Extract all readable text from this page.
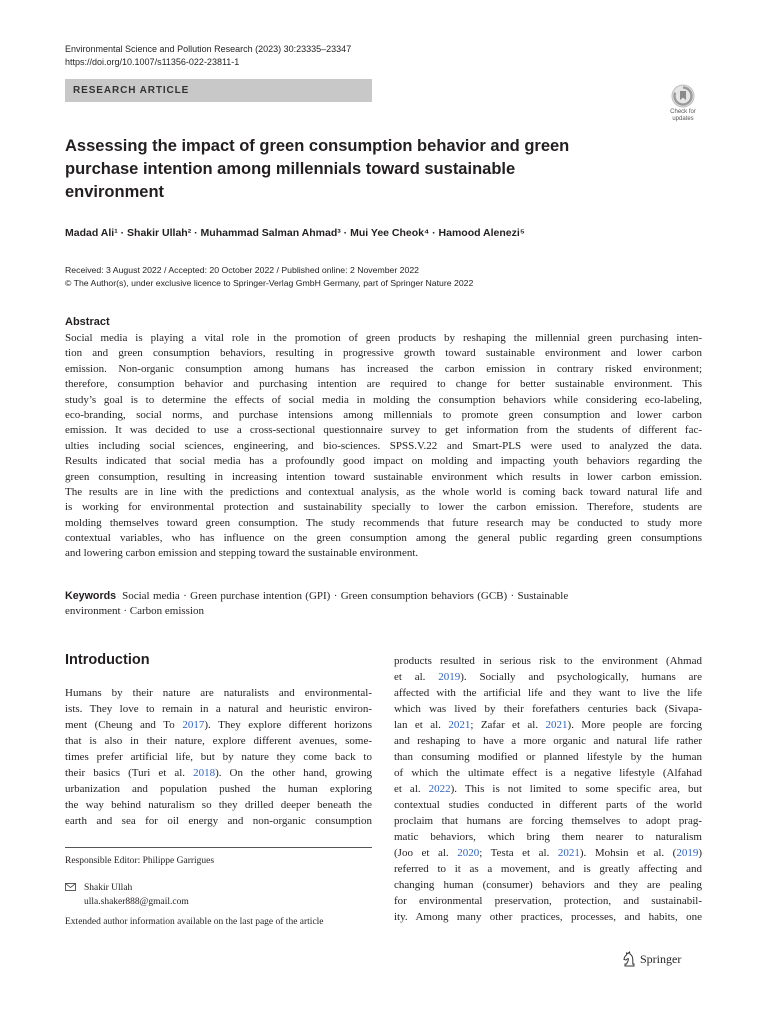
Environmental Science and Pollution Research (2023) 30:23335–23347
https://doi.org/10.1007/s11356-022-23811-1
RESEARCH ARTICLE
Check for updates
Assessing the impact of green consumption behavior and green
purchase intention among millennials toward sustainable
environment
Madad Ali¹ · Shakir Ullah² · Muhammad Salman Ahmad³ · Mui Yee Cheok⁴ · Hamood Alenezi⁵
Received: 3 August 2022 / Accepted: 20 October 2022 / Published online: 2 November 2022
© The Author(s), under exclusive licence to Springer-Verlag GmbH Germany, part of Springer Nature 2022
Abstract
Social media is playing a vital role in the promotion of green products by reshaping the millennial green purchasing inten-
tion and green consumption behaviors, resulting in progressive growth toward sustainable environment and lower carbon
emission. Non-organic consumption among humans has increased the carbon emission in contrary risked environment;
therefore, consumption behavior and purchasing intention are required to change for better sustainable environment. This
study’s goal is to determine the effects of social media in molding the consumption behaviors while considering eco-labeling,
eco-branding, social norms, and purchase intensions among millennials to promote green consumption and lower carbon
emission. It was decided to use a cross-sectional questionnaire survey to get information from the students of different fac-
ulties including social sciences, engineering, and bio-sciences. SPSS.V.22 and Smart-PLS were used to analyzed the data.
Results indicated that social media has a profoundly good impact on molding and impacting youth behaviors regarding the
green consumption, resulting in increasing intention toward sustainable environment which results in lower carbon emission.
The results are in line with the predictions and contextual analysis, as the whole world is coming back toward natural life and
is working for environmental protection and sustainability specially to lower the carbon emission. Therefore, students are
molding themselves toward green consumption. The study recommends that future research may be conducted to study more
contextual variables, who has influence on the green consumption among the general public regarding green consumptions
and lowering carbon emission and stepping toward the sustainable environment.
Keywords Social media · Green purchase intention (GPI) · Green consumption behaviors (GCB) · Sustainable
environment · Carbon emission
Introduction
Humans by their nature are naturalists and environmental-
ists. They love to remain in a natural and heuristic environ-
ment (Cheung and To 2017). They explore different horizons
that is also in their nature, explore different avenues, some-
times prefer artificial life, but by nature they come back to
their basics (Turi et al. 2018). On the other hand, growing
urbanization and population pushed the human exploring
the way behind naturalism so they drilled deeper beneath the
earth and sea for oil energy and non-organic consumption
products resulted in serious risk to the environment (Ahmad
et al. 2019). Socially and psychologically, humans are
affected with the artificial life and they want to live the life
which was lived by their forefathers centuries back (Sivapa-
lan et al. 2021; Zafar et al. 2021). More people are forcing
and reshaping to have a more organic and natural life rather
than consuming modified or planned lifestyle by the human
of which the ultimate effect is a negative lifestyle (Alfahad
et al. 2022). This is not limited to some specific area, but
contextual studies conducted in different parts of the world
proclaim that humans are forcing themselves to adopt prag-
matic behaviors, which bring them nearer to naturalism
(Joo et al. 2020; Testa et al. 2021). Mohsin et al. (2019)
referred to it as a movement, and is greatly affecting and
changing human (consumer) behaviors and they are pealing
for environmental preservation, protection, and sustainabil-
ity. Among many other practices, processes, and habits, one
Responsible Editor: Philippe Garrigues
Shakir Ullah
ulla.shaker888@gmail.com
Extended author information available on the last page of the article
Springer
